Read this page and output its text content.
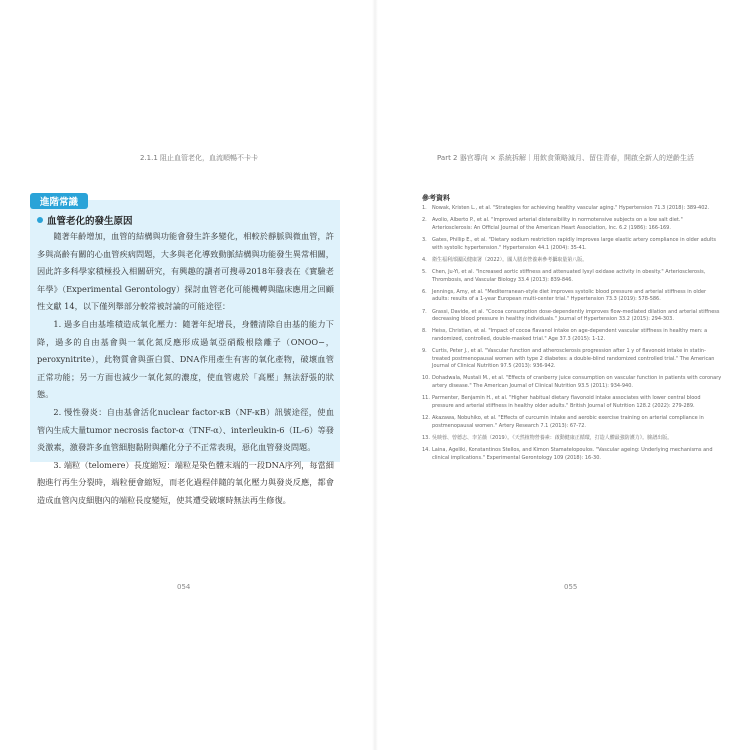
2.1.1 阻止血管老化，血流順暢不卡卡
進階常識
血管老化的發生原因

隨著年齡增加，血管的結構與功能會發生許多變化，相較於靜脈與微血管，許多與高齡有關的心血管疾病問題，大多與老化導致動脈結構與功能發生異常相關，因此許多科學家積極投入相關研究，有興趣的讀者可搜尋2018年發表在《實驗老年學》（Experimental Gerontology）探討血管老化可能機轉與臨床應用之回顧性文獻 14，以下僅列舉部分較常被討論的可能途徑：

1. 過多自由基堆積造成氧化壓力：隨著年紀增長，身體清除自由基的能力下降，過多的自由基會與一氧化氮反應形成過氧亞硝酸根陰離子（ONOO−，peroxynitrite），此物質會與蛋白質、DNA作用產生有害的氧化產物，破壞血管正常功能；另一方面也減少一氧化氮的濃度，使血管處於「高壓」無法舒張的狀態。

2. 慢性發炎：自由基會活化nuclear factor-κB（NF-κB）訊號途徑，使血管內生成大量tumor necrosis factor-α（TNF-α）、interleukin-6（IL-6）等發炎激素，激發許多血管細胞黏附與離化分子不正常表現，惡化血管發炎問題。

3. 端粒（telomere）長度縮短：端粒是染色體末端的一段DNA序列，每當細胞進行再生分裂時，端粒便會縮短，而老化過程伴隨的氧化壓力與發炎反應，都會造成血管內皮細胞內的端粒長度變短，使其遭受破壞時無法再生修復。

054
Part 2 器官導向 × 系統拆解｜用飲食策略減月、留住青春，開啟全新人的逆齡生活
參考資料
1.	Nowak, Kristen L., et al. "Strategies for achieving healthy vascular aging." Hypertension 71.3 (2018): 389-402.
2.	Avolio, Alberto P., et al. "Improved arterial distensibility in normotensive subjects on a low salt diet." Arteriosclerosis: An Official Journal of the American Heart Association, Inc. 6.2 (1986): 166-169.
3.	Gates, Phillip E., et al. "Dietary sodium restriction rapidly improves large elastic artery compliance in older adults with systolic hypertension." Hypertension 44.1 (2004): 35-41.
4.	衛生福利部國民健康署（2022）。國人膳食營養素參考攝取量第八版。
5.	Chen, Ju-Yi, et al. "Increased aortic stiffness and attenuated lysyl oxidase activity in obesity." Arteriosclerosis, Thrombosis, and Vascular Biology 33.4 (2013): 839-846.
6.	Jennings, Amy, et al. "Mediterranean-style diet improves systolic blood pressure and arterial stiffness in older adults: results of a 1-year European multi-center trial." Hypertension 73.3 (2019): 578-586.
7.	Grassi, Davide, et al. "Cocoa consumption dose-dependently improves flow-mediated dilation and arterial stiffness decreasing blood pressure in healthy individuals." Journal of Hypertension 33.2 (2015): 294-303.
8.	Heiss, Christian, et al. "Impact of cocoa flavanol intake on age-dependent vascular stiffness in healthy men: a randomized, controlled, double-masked trial." Age 37.3 (2015): 1-12.
9.	Curtis, Peter J., et al. "Vascular function and atherosclerosis progression after 1 y of flavonoid intake in statin-treated postmenopausal women with type 2 diabetes: a double-blind randomized controlled trial." The American Journal of Clinical Nutrition 97.5 (2013): 936-942.
10. Dohadwala, Mustali M., et al. "Effects of cranberry juice consumption on vascular function in patients with coronary artery disease." The American Journal of Clinical Nutrition 93.5 (2011): 934-940.
11. Parmenter, Benjamin H., et al. "Higher habitual dietary flavonoid intake associates with lower central blood pressure and arterial stiffness in healthy older adults." British Journal of Nutrition 128.2 (2022): 279-289.
12. Akazawa, Nobuhiko, et al. "Effects of curcumin intake and aerobic exercise training on arterial compliance in postmenopausal women." Artery Research 7.1 (2013): 67-72.
13. 吳映蓉、曾德志、李芷薇（2019）。《天然植物營養素：啟動健康正循環，打造人體最強防護力》。臉譜出版。
14. Laina, Ageliki, Konstantinos Stellos, and Kimon Stamatelopoulos. "Vascular ageing: Underlying mechanisms and clinical implications." Experimental Gerontology 109 (2018): 16-30.
055
